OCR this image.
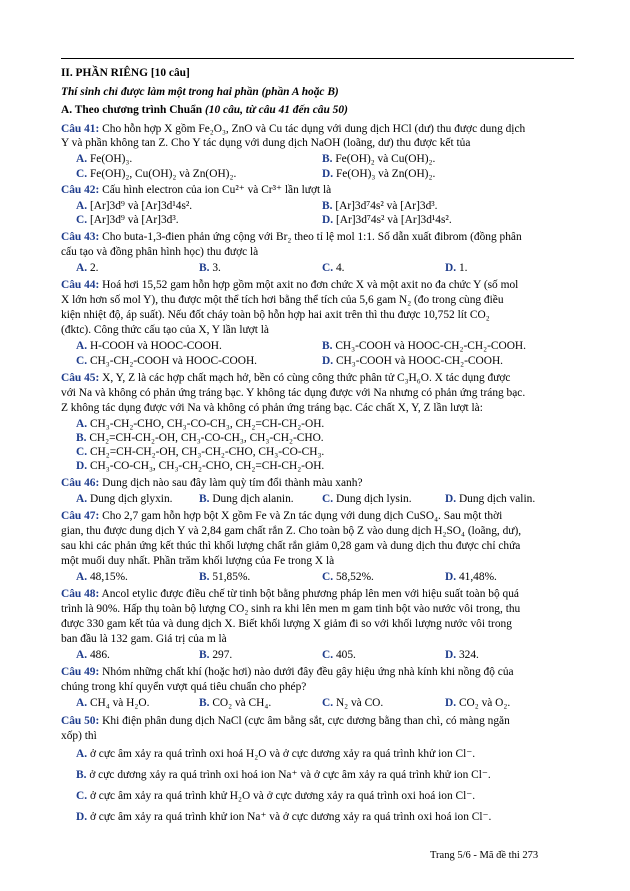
II. PHẦN RIÊNG [10 câu]
Thí sinh chỉ được làm một trong hai phần (phần A hoặc B)
A. Theo chương trình Chuẩn (10 câu, từ câu 41 đến câu 50)
Câu 41: Cho hỗn hợp X gồm Fe₂O₃, ZnO và Cu tác dụng với dung dịch HCl (dư) thu được dung dịch
Y và phần không tan Z. Cho Y tác dụng với dung dịch NaOH (loãng, dư) thu được kết tủa
A. Fe(OH)₃.	B. Fe(OH)₂ và Cu(OH)₂.
C. Fe(OH)₂, Cu(OH)₂ và Zn(OH)₂.	D. Fe(OH)₃ và Zn(OH)₂.
Câu 42: Cấu hình electron của ion Cu²⁺ và Cr³⁺ lần lượt là
A. [Ar]3d⁹ và [Ar]3d¹4s².	B. [Ar]3d⁷4s² và [Ar]3d³.
C. [Ar]3d⁹ và [Ar]3d³.	D. [Ar]3d⁷4s² và [Ar]3d¹4s².
Câu 43: Cho buta-1,3-đien phản ứng cộng với Br₂ theo tỉ lệ mol 1:1. Số dẫn xuất đibrom (đồng phân
cấu tạo và đồng phân hình học) thu được là
A. 2.	B. 3.	C. 4.	D. 1.
Câu 44: Hoá hơi 15,52 gam hỗn hợp gồm một axit no đơn chức X và một axit no đa chức Y (số mol
X lớn hơn số mol Y), thu được một thể tích hơi bằng thể tích của 5,6 gam N₂ (đo trong cùng điều
kiện nhiệt độ, áp suất). Nếu đốt cháy toàn bộ hỗn hợp hai axit trên thì thu được 10,752 lít CO₂
(đktc). Công thức cấu tạo của X, Y lần lượt là
A. H-COOH và HOOC-COOH.	B. CH₃-COOH và HOOC-CH₂-CH₂-COOH.
C. CH₃-CH₂-COOH và HOOC-COOH.	D. CH₃-COOH và HOOC-CH₂-COOH.
Câu 45: X, Y, Z là các hợp chất mạch hở, bền có cùng công thức phân tử C₃H₆O. X tác dụng được
với Na và không có phản ứng tráng bạc. Y không tác dụng được với Na nhưng có phản ứng tráng bạc.
Z không tác dụng được với Na và không có phản ứng tráng bạc. Các chất X, Y, Z lần lượt là:
A. CH₃-CH₂-CHO, CH₃-CO-CH₃, CH₂=CH-CH₂-OH.
B. CH₂=CH-CH₂-OH, CH₃-CO-CH₃, CH₃-CH₂-CHO.
C. CH₂=CH-CH₂-OH, CH₃-CH₂-CHO, CH₃-CO-CH₃.
D. CH₃-CO-CH₃, CH₃-CH₂-CHO, CH₂=CH-CH₂-OH.
Câu 46: Dung dịch nào sau đây làm quỳ tím đổi thành màu xanh?
A. Dung dịch glyxin. B. Dung dịch alanin. C. Dung dịch lysin.	D. Dung dịch valin.
Câu 47: Cho 2,7 gam hỗn hợp bột X gồm Fe và Zn tác dụng với dung dịch CuSO₄. Sau một thời
gian, thu được dung dịch Y và 2,84 gam chất rắn Z. Cho toàn bộ Z vào dung dịch H₂SO₄ (loãng, dư),
sau khi các phản ứng kết thúc thì khối lượng chất rắn giảm 0,28 gam và dung dịch thu được chỉ chứa
một muối duy nhất. Phần trăm khối lượng của Fe trong X là
A. 48,15%.	B. 51,85%.	C. 58,52%.	D. 41,48%.
Câu 48: Ancol etylic được điều chế từ tinh bột bằng phương pháp lên men với hiệu suất toàn bộ quá
trình là 90%. Hấp thụ toàn bộ lượng CO₂ sinh ra khi lên men m gam tinh bột vào nước vôi trong, thu
được 330 gam kết tủa và dung dịch X. Biết khối lượng X giảm đi so với khối lượng nước vôi trong
ban đầu là 132 gam. Giá trị của m là
A. 486.	B. 297.	C. 405.	D. 324.
Câu 49: Nhóm những chất khí (hoặc hơi) nào dưới đây đều gây hiệu ứng nhà kính khi nồng độ của
chúng trong khí quyển vượt quá tiêu chuẩn cho phép?
A. CH₄ và H₂O.	B. CO₂ và CH₄.	C. N₂ và CO.	D. CO₂ và O₂.
Câu 50: Khi điện phân dung dịch NaCl (cực âm bằng sắt, cực dương bằng than chì, có màng ngăn
xốp) thì
A. ở cực âm xảy ra quá trình oxi hoá H₂O và ở cực dương xảy ra quá trình khử ion Cl⁻.
B. ở cực dương xảy ra quá trình oxi hoá ion Na⁺ và ở cực âm xảy ra quá trình khử ion Cl⁻.
C. ở cực âm xảy ra quá trình khử H₂O và ở cực dương xảy ra quá trình oxi hoá ion Cl⁻.
D. ở cực âm xảy ra quá trình khử ion Na⁺ và ở cực dương xảy ra quá trình oxi hoá ion Cl⁻.
Trang 5/6 - Mã đề thi 273
